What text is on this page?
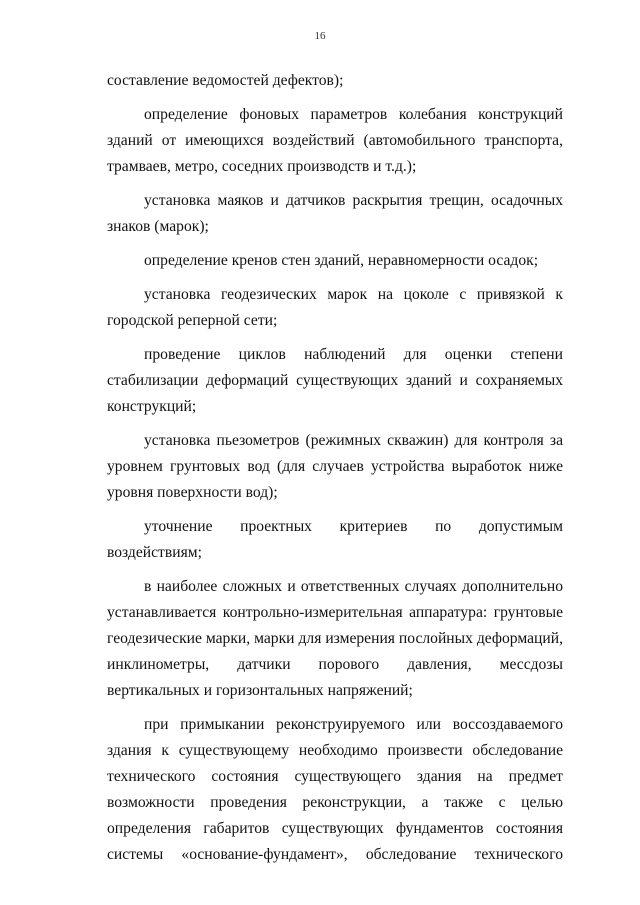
16

составление ведомостей дефектов);

определение фоновых параметров колебания конструкций зданий от имеющихся воздействий (автомобильного транспорта, трамваев, метро, соседних производств и т.д.);

установка маяков и датчиков раскрытия трещин, осадочных знаков (марок);

определение кренов стен зданий, неравномерности осадок;

установка геодезических марок на цоколе с привязкой к городской реперной сети;

проведение циклов наблюдений для оценки степени стабилизации деформаций существующих зданий и сохраняемых конструкций;

установка пьезометров (режимных скважин) для контроля за уровнем грунтовых вод (для случаев устройства выработок ниже уровня поверхности вод);

уточнение проектных критериев по допустимым воздействиям;

в наиболее сложных и ответственных случаях дополнительно устанавливается контрольно-измерительная аппаратура: грунтовые геодезические марки, марки для измерения послойных деформаций, инклинометры, датчики порового давления, мессдозы вертикальных и горизонтальных напряжений;

при примыкании реконструируемого или воссоздаваемого здания к существующему необходимо произвести обследование технического состояния существующего здания на предмет возможности проведения реконструкции, а также с целью определения габаритов существующих фундаментов состояния системы «основание-фундамент», обследование технического
